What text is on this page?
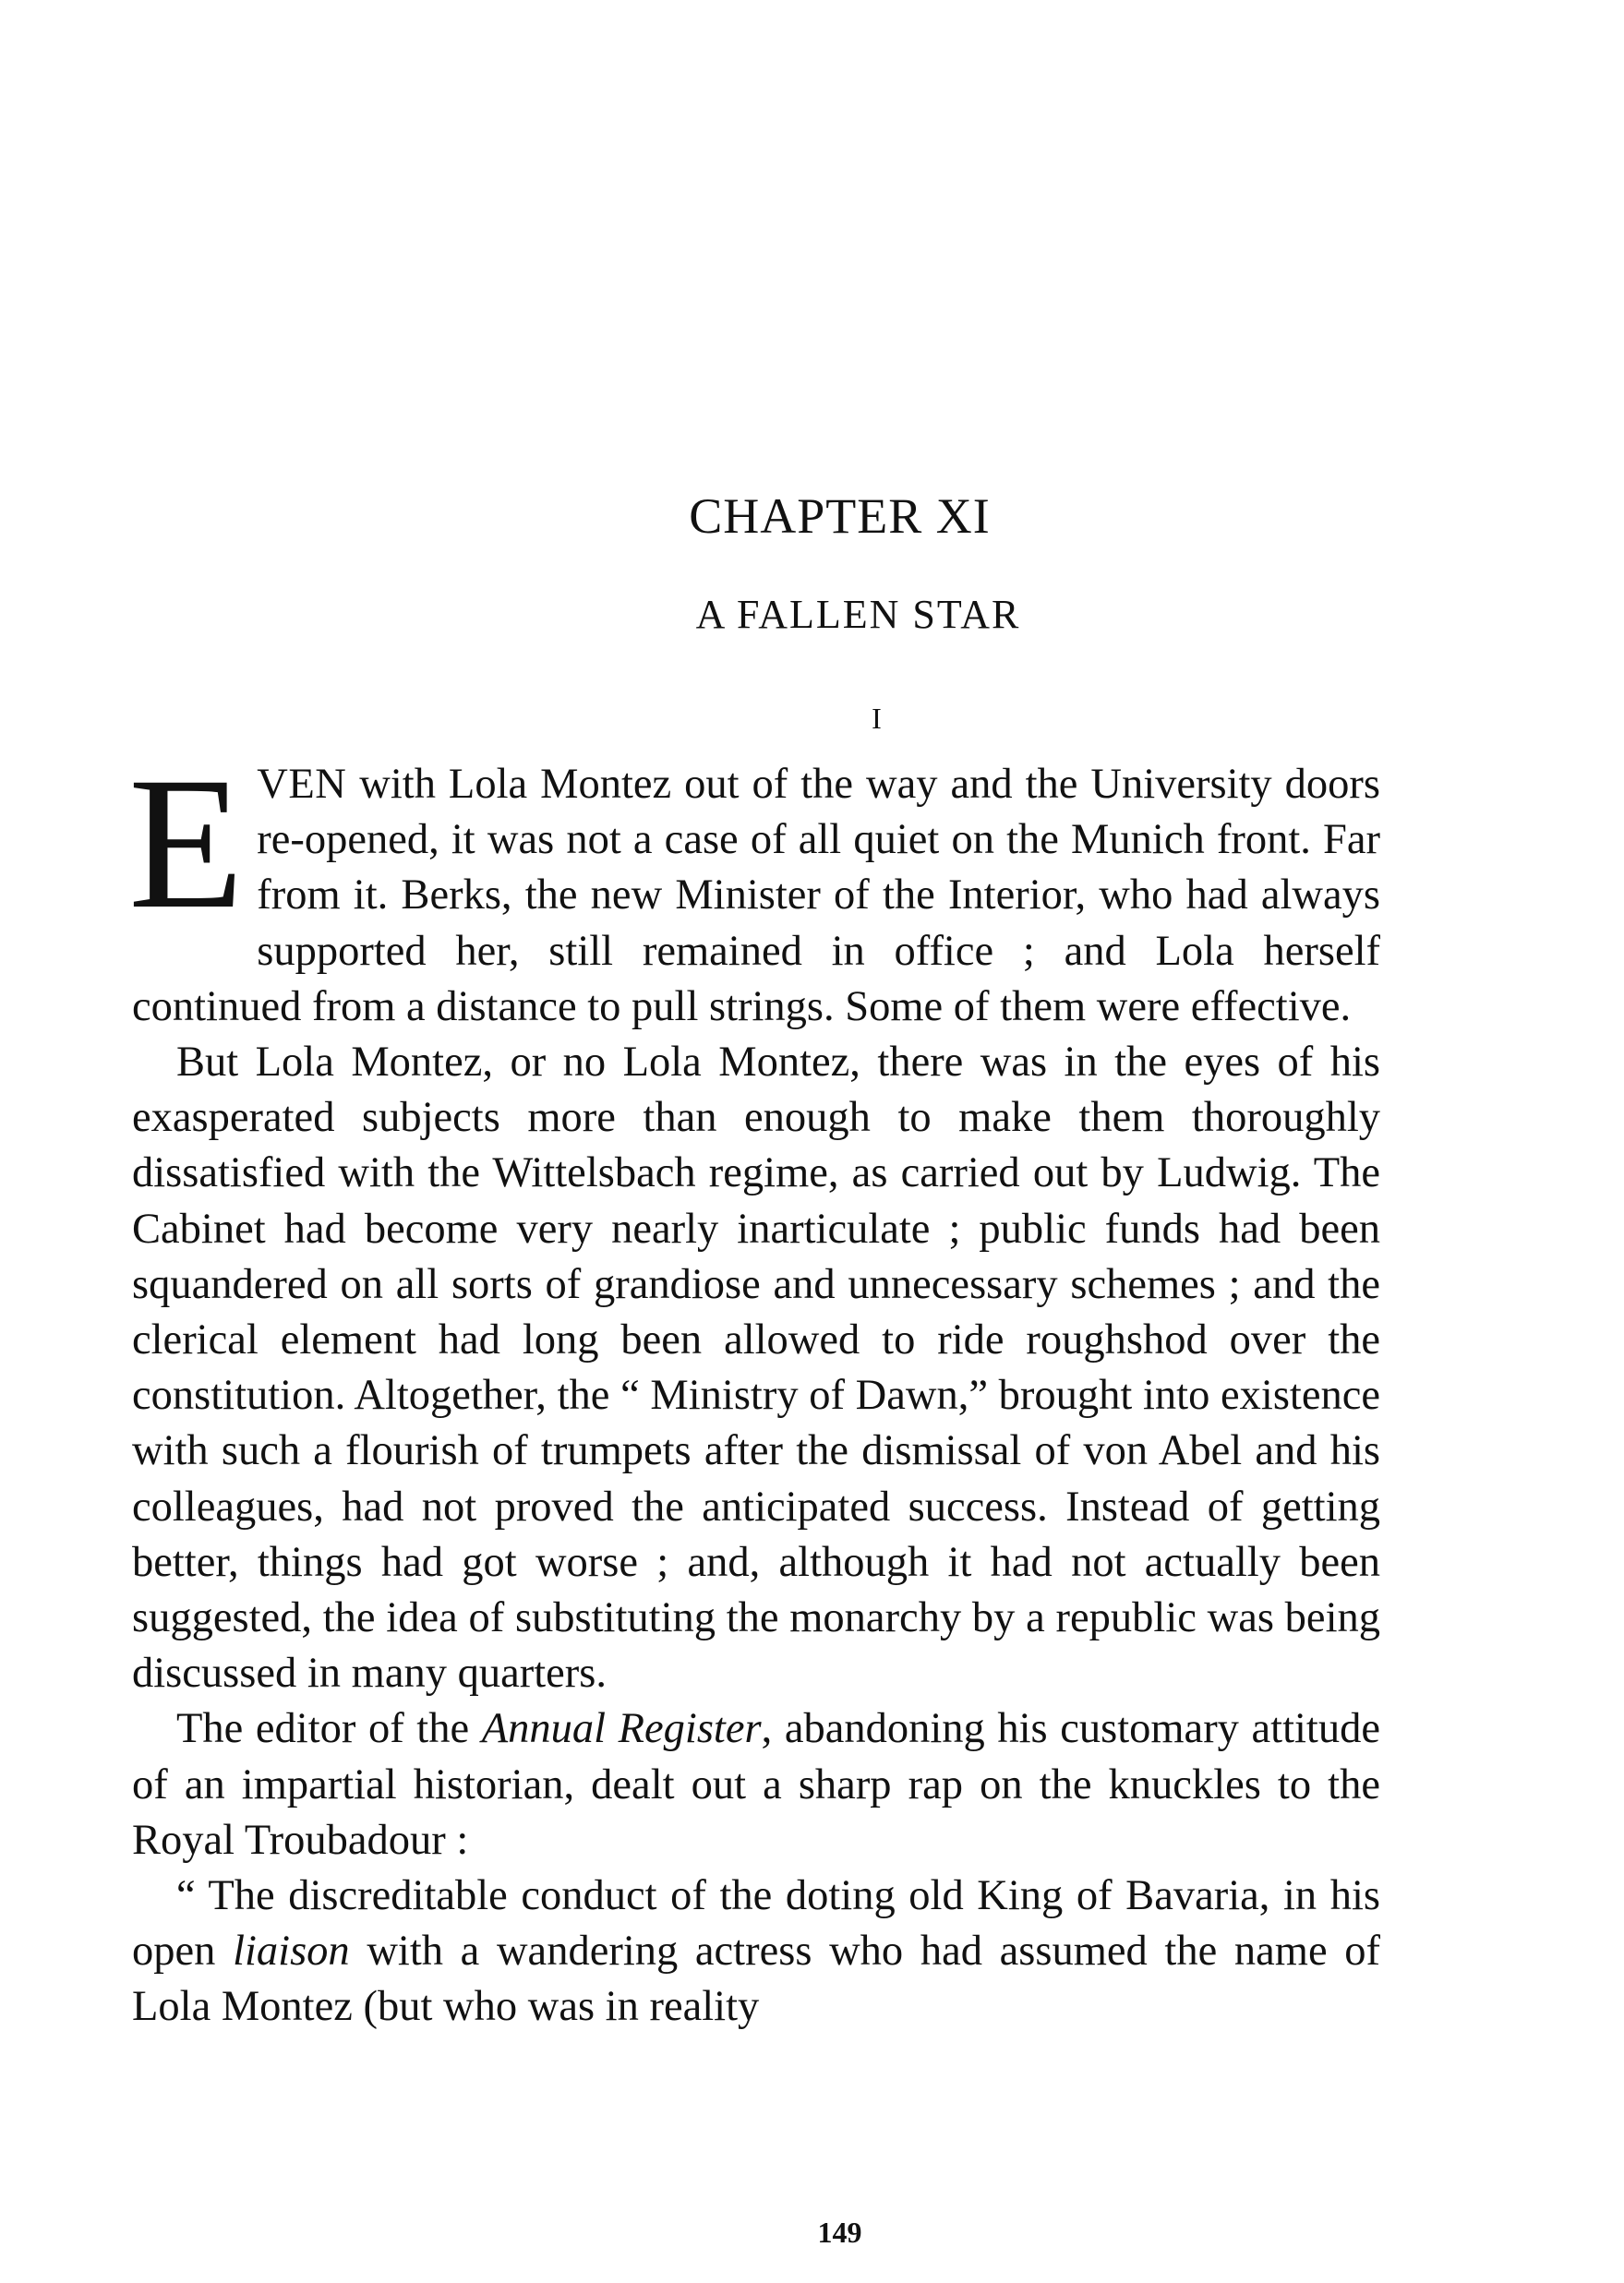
CHAPTER XI
A FALLEN STAR
I

EVEN with Lola Montez out of the way and the University doors re-opened, it was not a case of all quiet on the Munich front. Far from it. Berks, the new Minister of the Interior, who had always supported her, still remained in office ; and Lola herself continued from a distance to pull strings. Some of them were effective.

But Lola Montez, or no Lola Montez, there was in the eyes of his exasperated subjects more than enough to make them thoroughly dissatisfied with the Wittelsbach regime, as carried out by Ludwig. The Cabinet had become very nearly inarticulate ; public funds had been squandered on all sorts of grandiose and unnecessary schemes ; and the clerical element had long been allowed to ride roughshod over the constitution. Altogether, the “ Ministry of Dawn,” brought into existence with such a flourish of trumpets after the dismissal of von Abel and his colleagues, had not proved the anticipated success. Instead of getting better, things had got worse ; and, although it had not actually been suggested, the idea of substituting the monarchy by a republic was being discussed in many quarters.

The editor of the Annual Register, abandoning his customary attitude of an impartial historian, dealt out a sharp rap on the knuckles to the Royal Troubadour :

“ The discreditable conduct of the doting old King of Bavaria, in his open liaison with a wandering actress who had assumed the name of Lola Montez (but who was in reality

149
